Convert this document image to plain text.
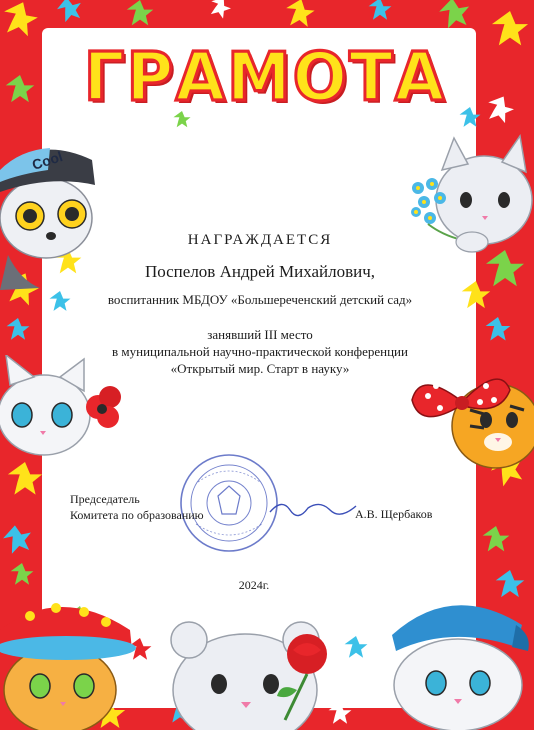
ГРАМОТА
Cool
НАГРАЖДАЕТСЯ
Поспелов Андрей Михайлович,
воспитанник МБДОУ «Большереченский детский сад»
занявший III место
в муниципальной научно-практической конференции
«Открытый мир. Старт в науку»
Председатель
Комитета по образованию	А.В. Щербаков
2024г.
